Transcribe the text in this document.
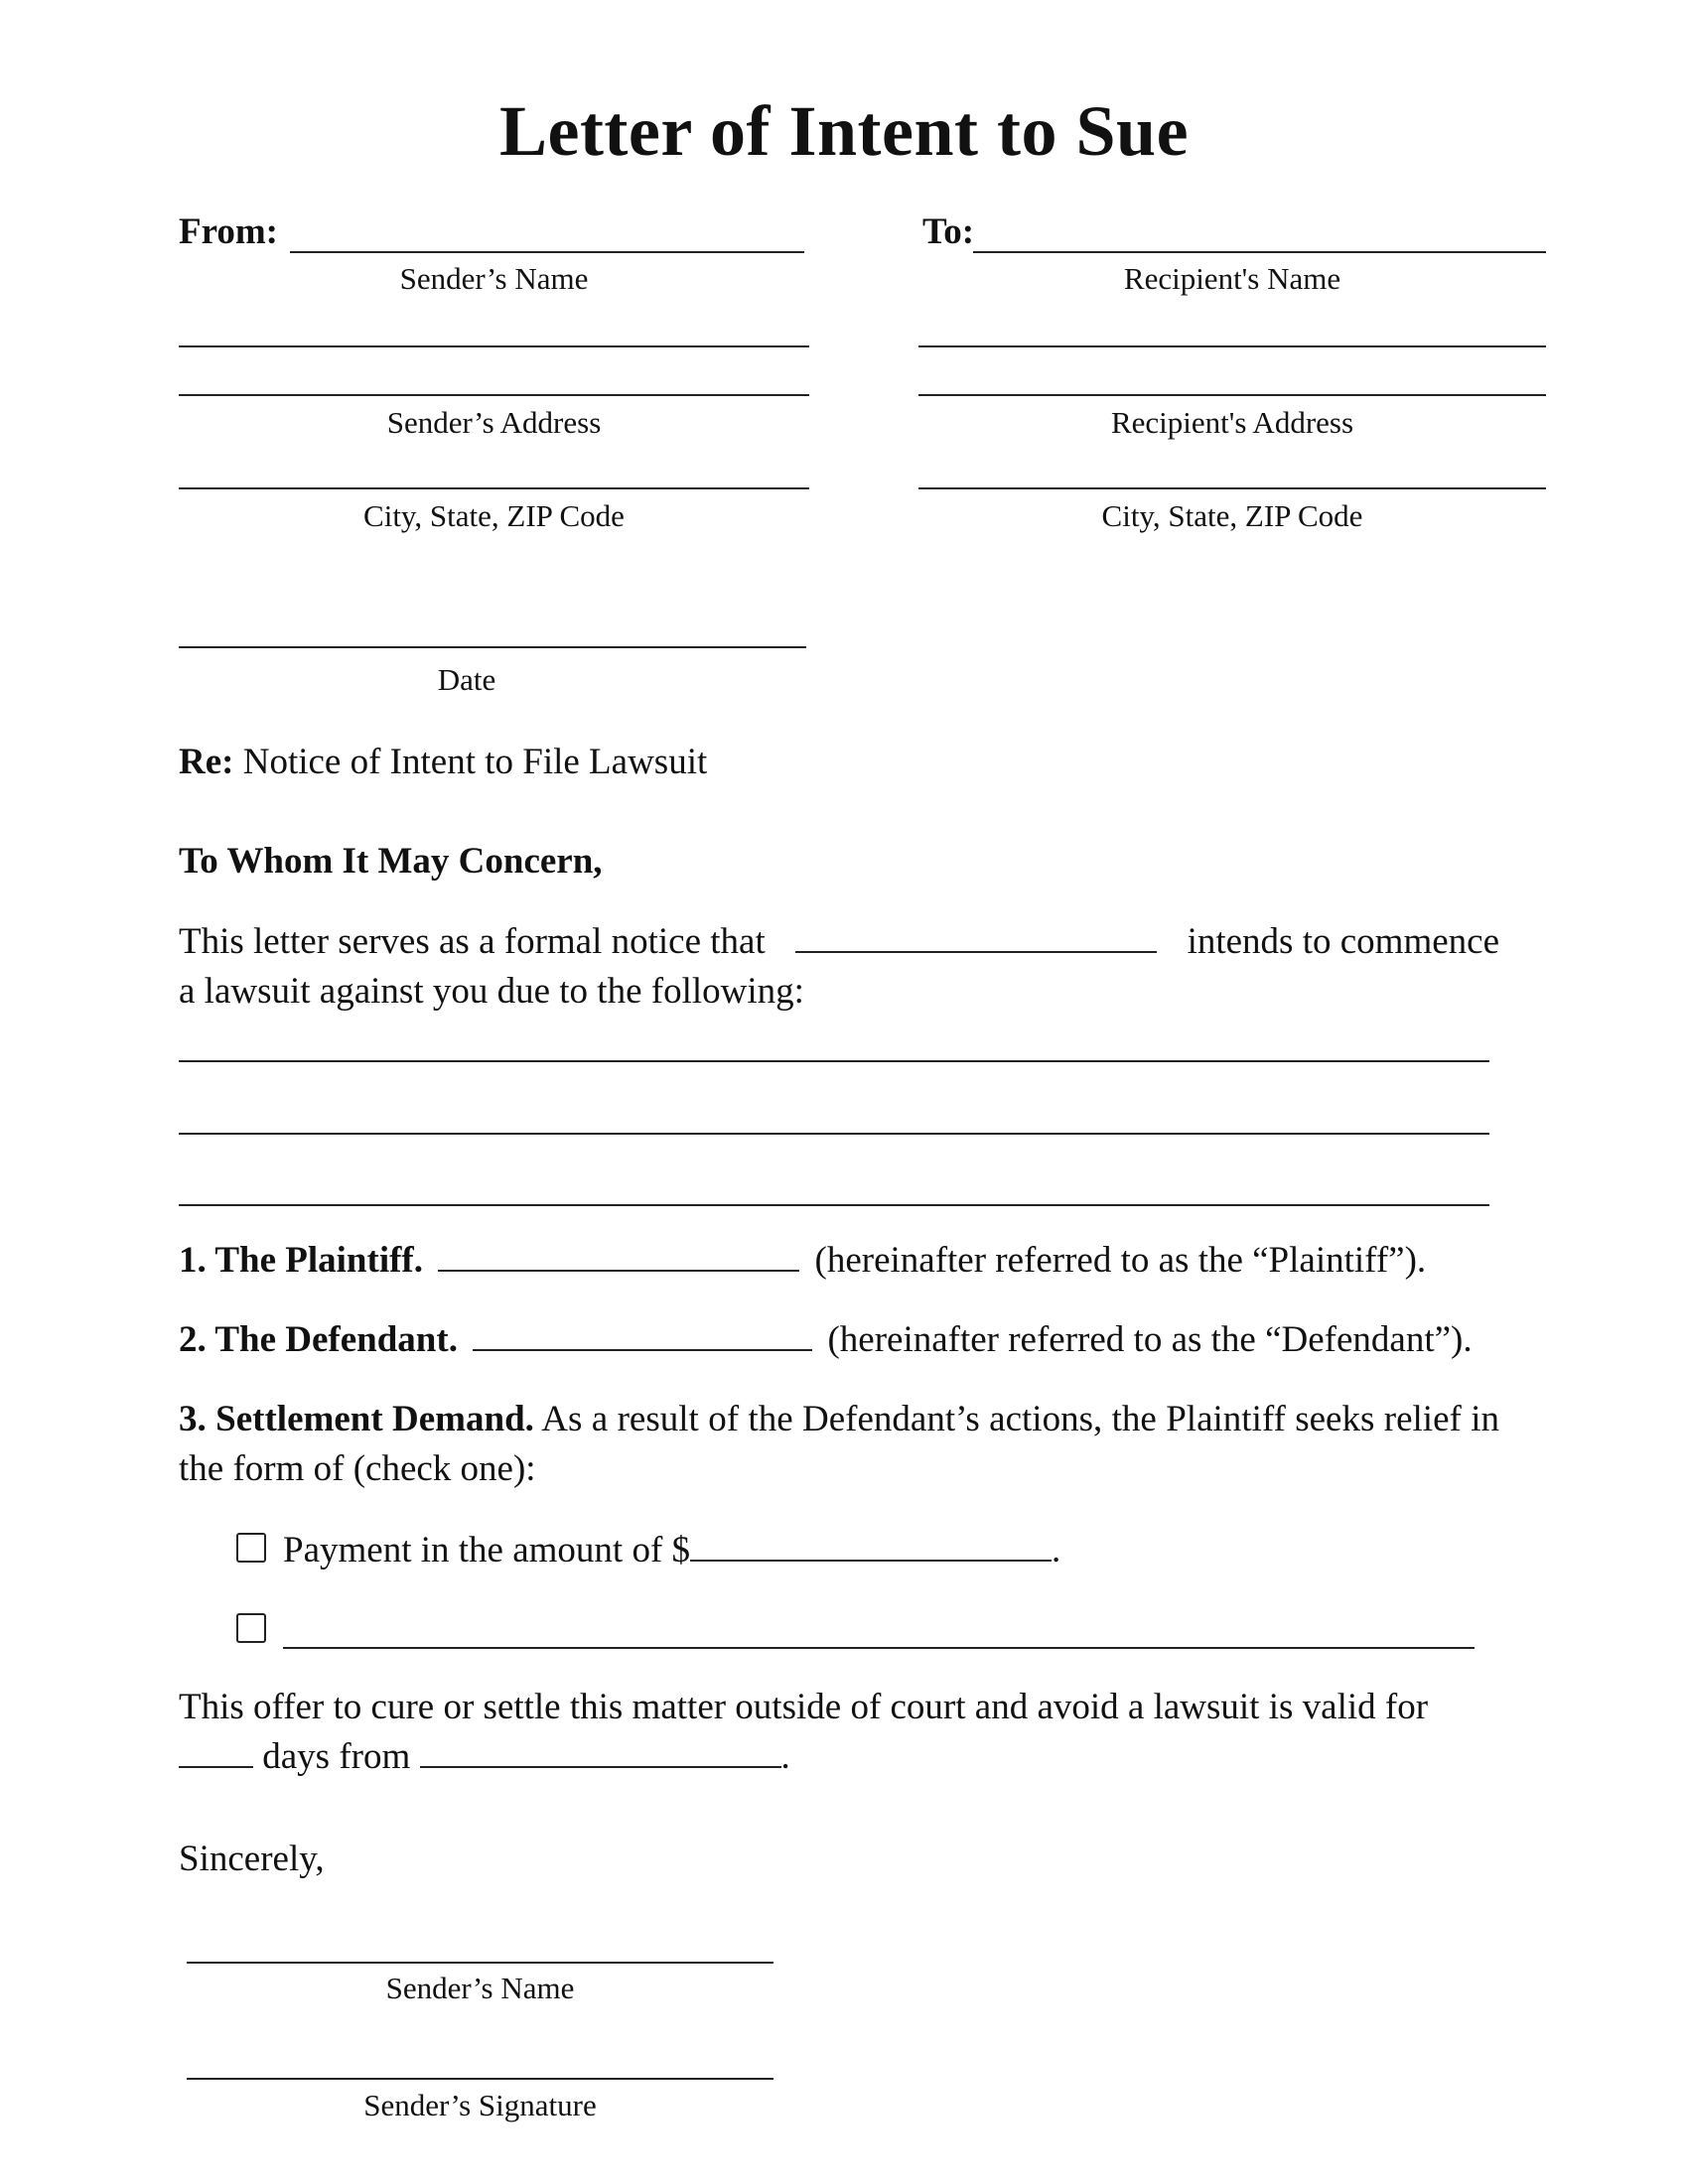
Letter of Intent to Sue
From:
Sender’s Name
To:
Recipient's Name
Sender’s Address	Recipient's Address
City, State, ZIP Code	City, State, ZIP Code
Date
Re: Notice of Intent to File Lawsuit
To Whom It May Concern,
This letter serves as a formal notice that	intends to commence
a lawsuit against you due to the following:
1. The Plaintiff.	(hereinafter referred to as the “Plaintiff”).
2. The Defendant.	(hereinafter referred to as the “Defendant”).
3. Settlement Demand. As a result of the Defendant’s actions, the Plaintiff seeks relief in the form of (check one):
Payment in the amount of $	.
This offer to cure or settle this matter outside of court and avoid a lawsuit is valid for
days from	.
Sincerely,
Sender’s Name
Sender’s Signature
